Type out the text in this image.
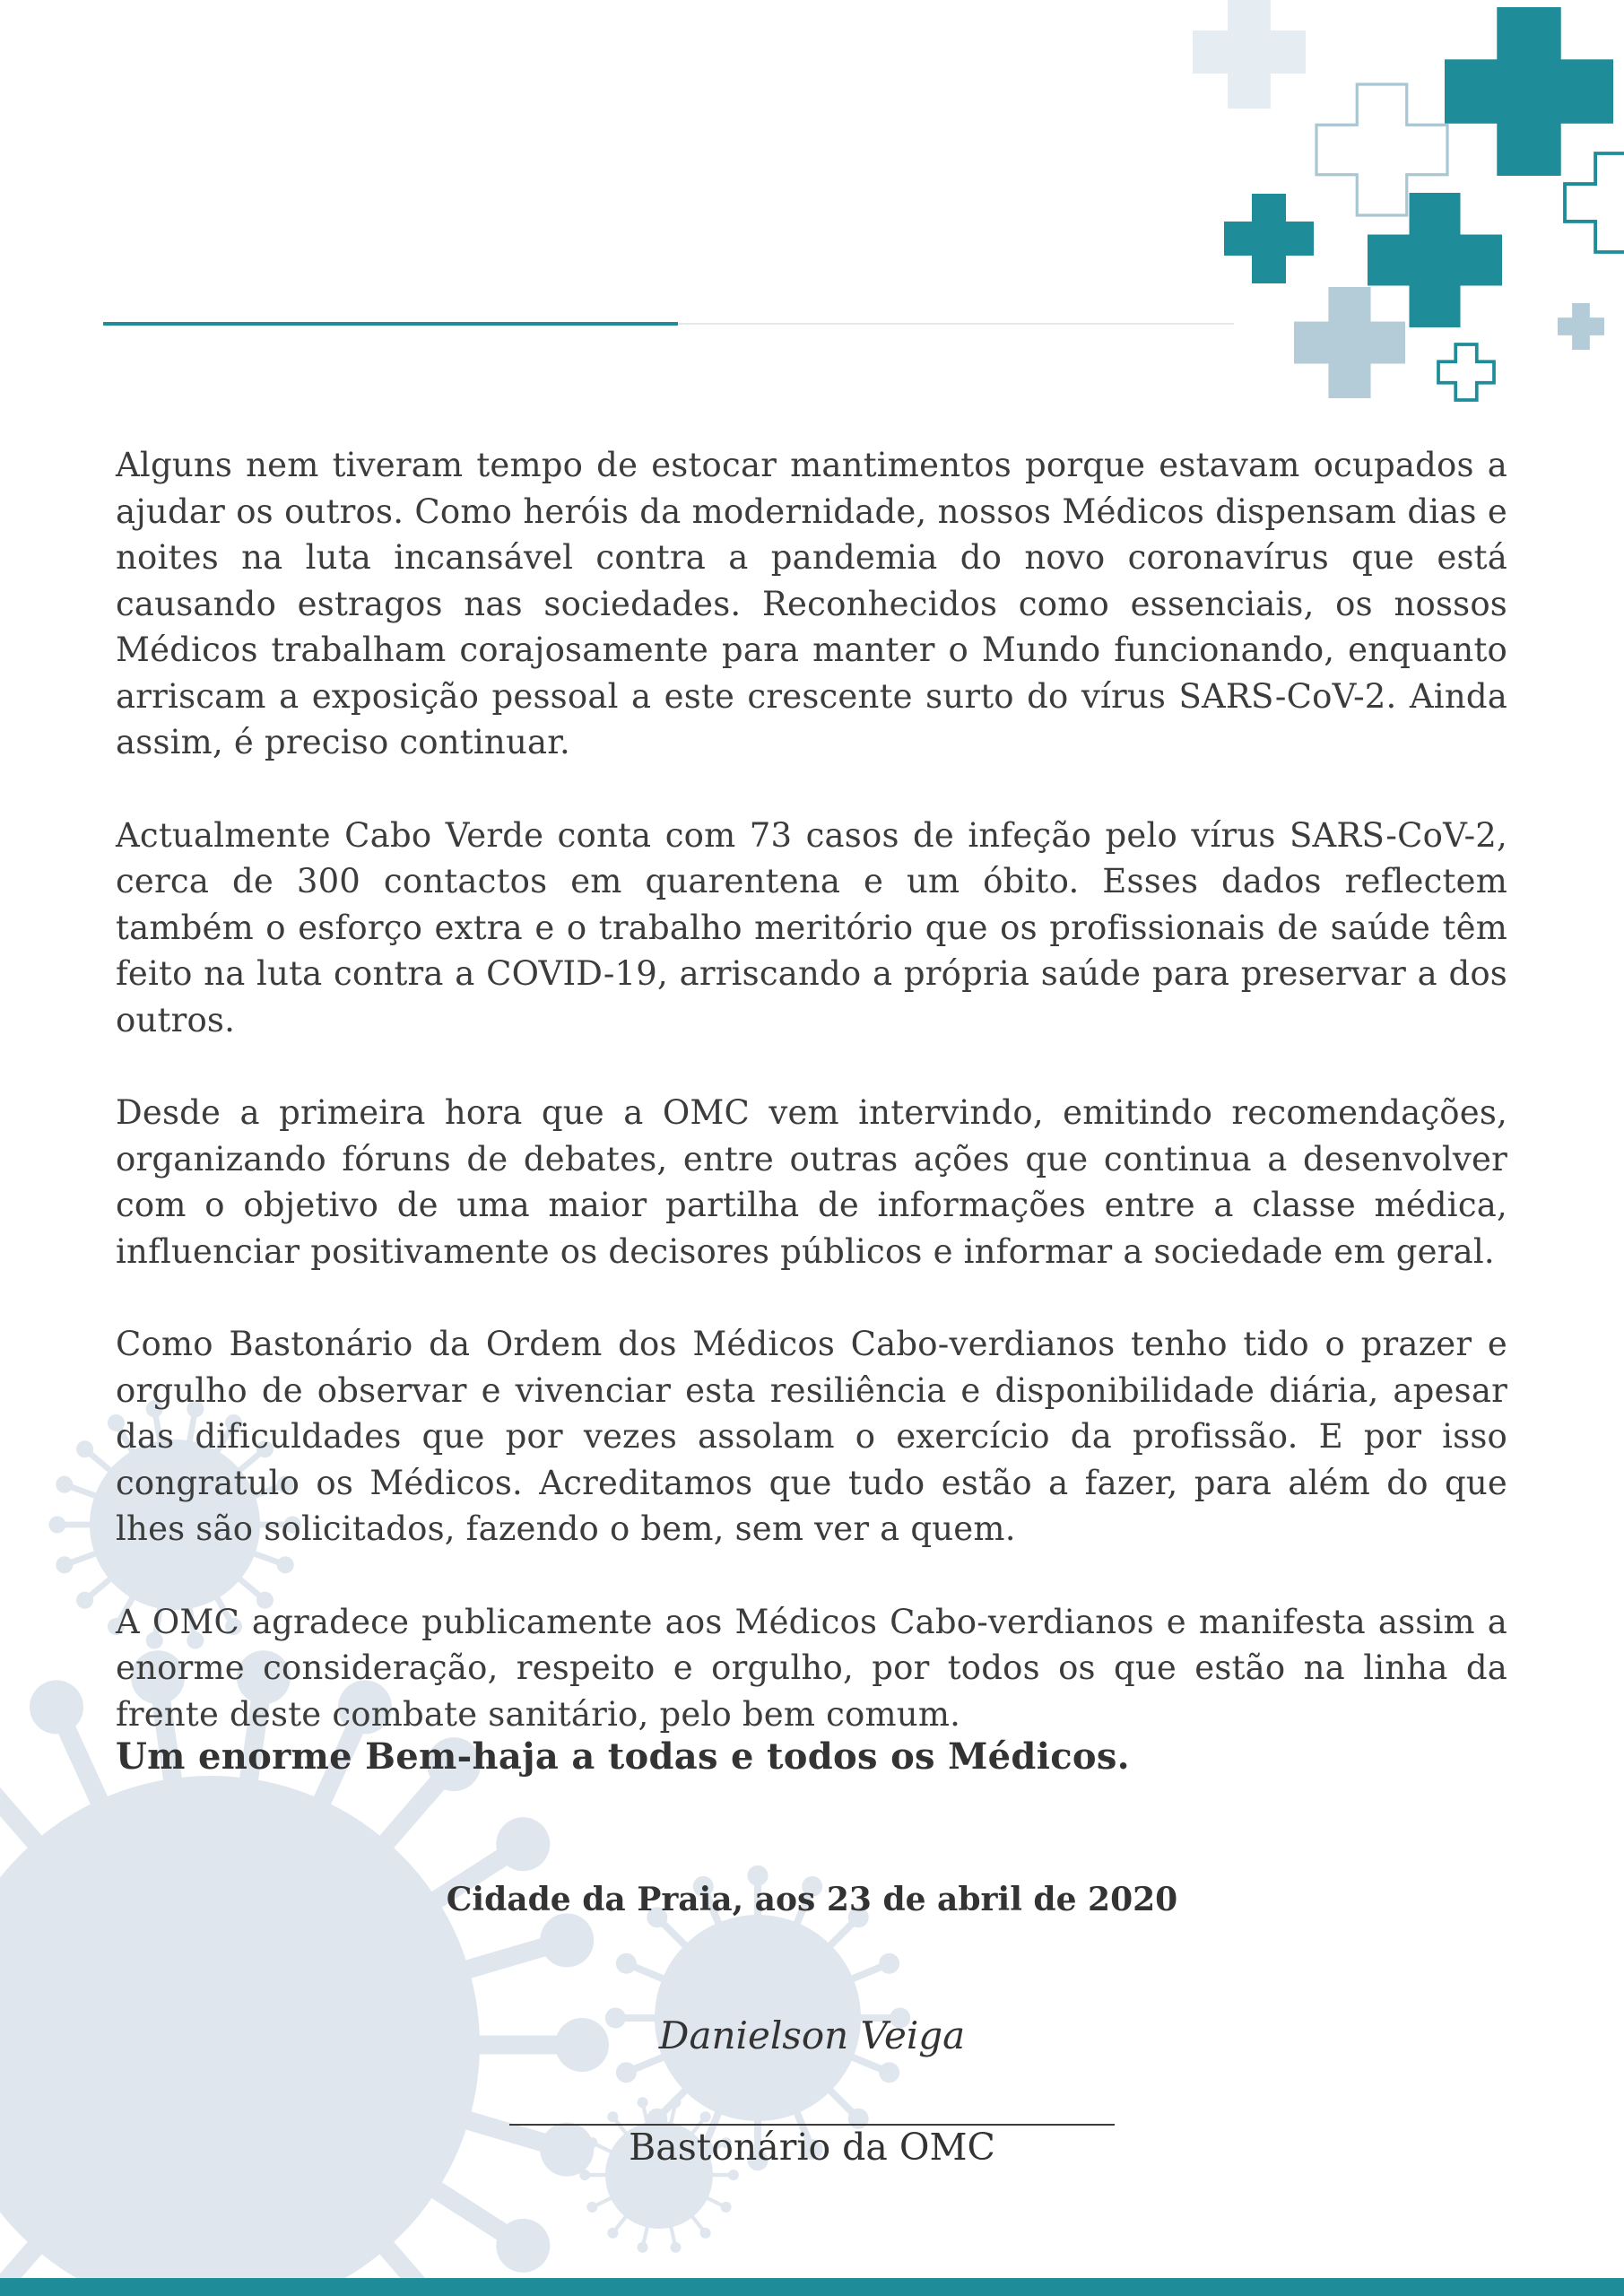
Alguns nem tiveram tempo de estocar mantimentos porque estavam ocupados a ajudar os outros. Como heróis da modernidade, nossos Médicos dispensam dias e noites na luta incansável contra a pandemia do novo coronavírus que está causando estragos nas sociedades. Reconhecidos como essenciais, os nossos Médicos trabalham corajosamente para manter o Mundo funcionando, enquanto arriscam a exposição pessoal a este crescente surto do vírus SARS-CoV-2. Ainda assim, é preciso continuar.

Actualmente Cabo Verde conta com 73 casos de infeção pelo vírus SARS-CoV-2, cerca de 300 contactos em quarentena e um óbito. Esses dados reflectem também o esforço extra e o trabalho meritório que os profissionais de saúde têm feito na luta contra a COVID-19, arriscando a própria saúde para preservar a dos outros.

Desde a primeira hora que a OMC vem intervindo, emitindo recomendações, organizando fóruns de debates, entre outras ações que continua a desenvolver com o objetivo de uma maior partilha de informações entre a classe médica, influenciar positivamente os decisores públicos e informar a sociedade em geral.

Como Bastonário da Ordem dos Médicos Cabo-verdianos tenho tido o prazer e orgulho de observar e vivenciar esta resiliência e disponibilidade diária, apesar das dificuldades que por vezes assolam o exercício da profissão. E por isso congratulo os Médicos. Acreditamos que tudo estão a fazer, para além do que lhes são solicitados, fazendo o bem, sem ver a quem.

A OMC agradece publicamente aos Médicos Cabo-verdianos e manifesta assim a enorme consideração, respeito e orgulho, por todos os que estão na linha da frente deste combate sanitário, pelo bem comum.

Um enorme Bem-haja a todas e todos os Médicos.
Cidade da Praia, aos 23 de abril de 2020
Danielson Veiga
Bastonário da OMC
